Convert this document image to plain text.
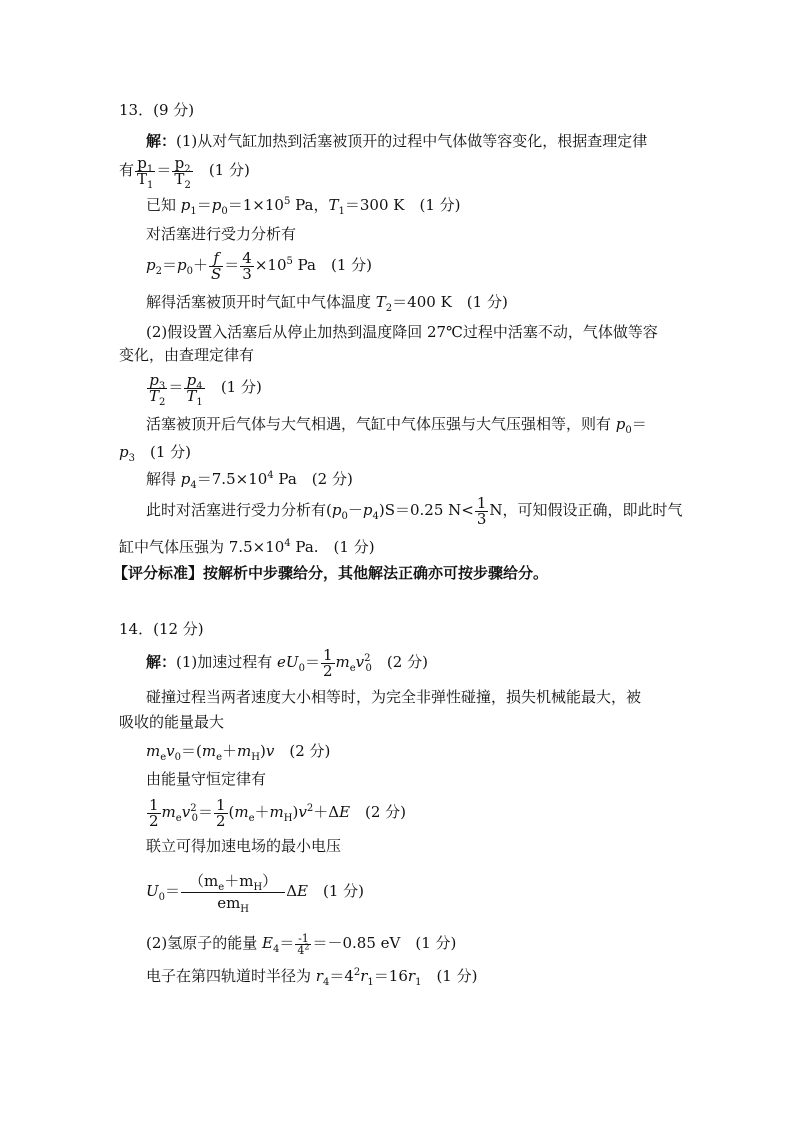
13．(9 分)
解：(1)从对气缸加热到活塞被顶开的过程中气体做等容变化，根据查理定律
有 $\frac{p_1}{T_1} = \frac{p_2}{T_2}$
　 (1 分)
已知 $p_1=p_0=1\times 10^5$ Pa，$T_1=300$ K　(1 分)
对活塞进行受力分析有
$p_2=p_0+ \frac{f}{S} = \frac{4}{3} \times 10^5$ Pa　(1 分)
解得活塞被顶开时气缸中气体温度 $T_2=400$ K　(1 分)
(2)假设置入活塞后从停止加热到温度降回 27℃过程中活塞不动，气体做等容
变化，由查理定律有
$\frac{p_3}{T_2} = \frac{p_4}{T_1}$
　 (1 分)
活塞被顶开后气体与大气相遇，气缸中气体压强与大气压强相等，则有 $p_0=$
$p_3$　(1 分)
解得 $p_4=7.5\times 10^4$ Pa　(2 分)
此时对活塞进行受力分析有$(p_0-p_4)S=0.25$ $N< \frac{1}{3}$ N，可知假设正确，即此时气
缸中气体压强为 $7.5\times 10^4$ Pa.　(1 分)
【评分标准】按解析中步骤给分，其他解法正确亦可按步骤给分。
14．(12 分)
解：(1)加速过程有 $eU_0= \frac{1}{2} m_ev^2_0$　(2 分)
碰撞过程当两者速度大小相等时，为完全非弹性碰撞，损失机械能最大，被
吸收的能量最大
$m_ev_0=(m_e+m_H)v$　(2 分)
由能量守恒定律有
$\frac{1}{2} m_ev^2_0= \frac{1}{2} (m_e+m_H)v^2+\Delta E$　(2 分)
联立可得加速电场的最小电压
$U_0= \frac{(m_e+m_H)}{em_H}$ ΔE　(1 分)
(2)氢原子的能量 $E_4= \frac{-1}{4^2} =-0.85$ eV　(1 分)
电子在第四轨道时半径为 $r_4=4^2r_1=16r_1$　(1 分)
